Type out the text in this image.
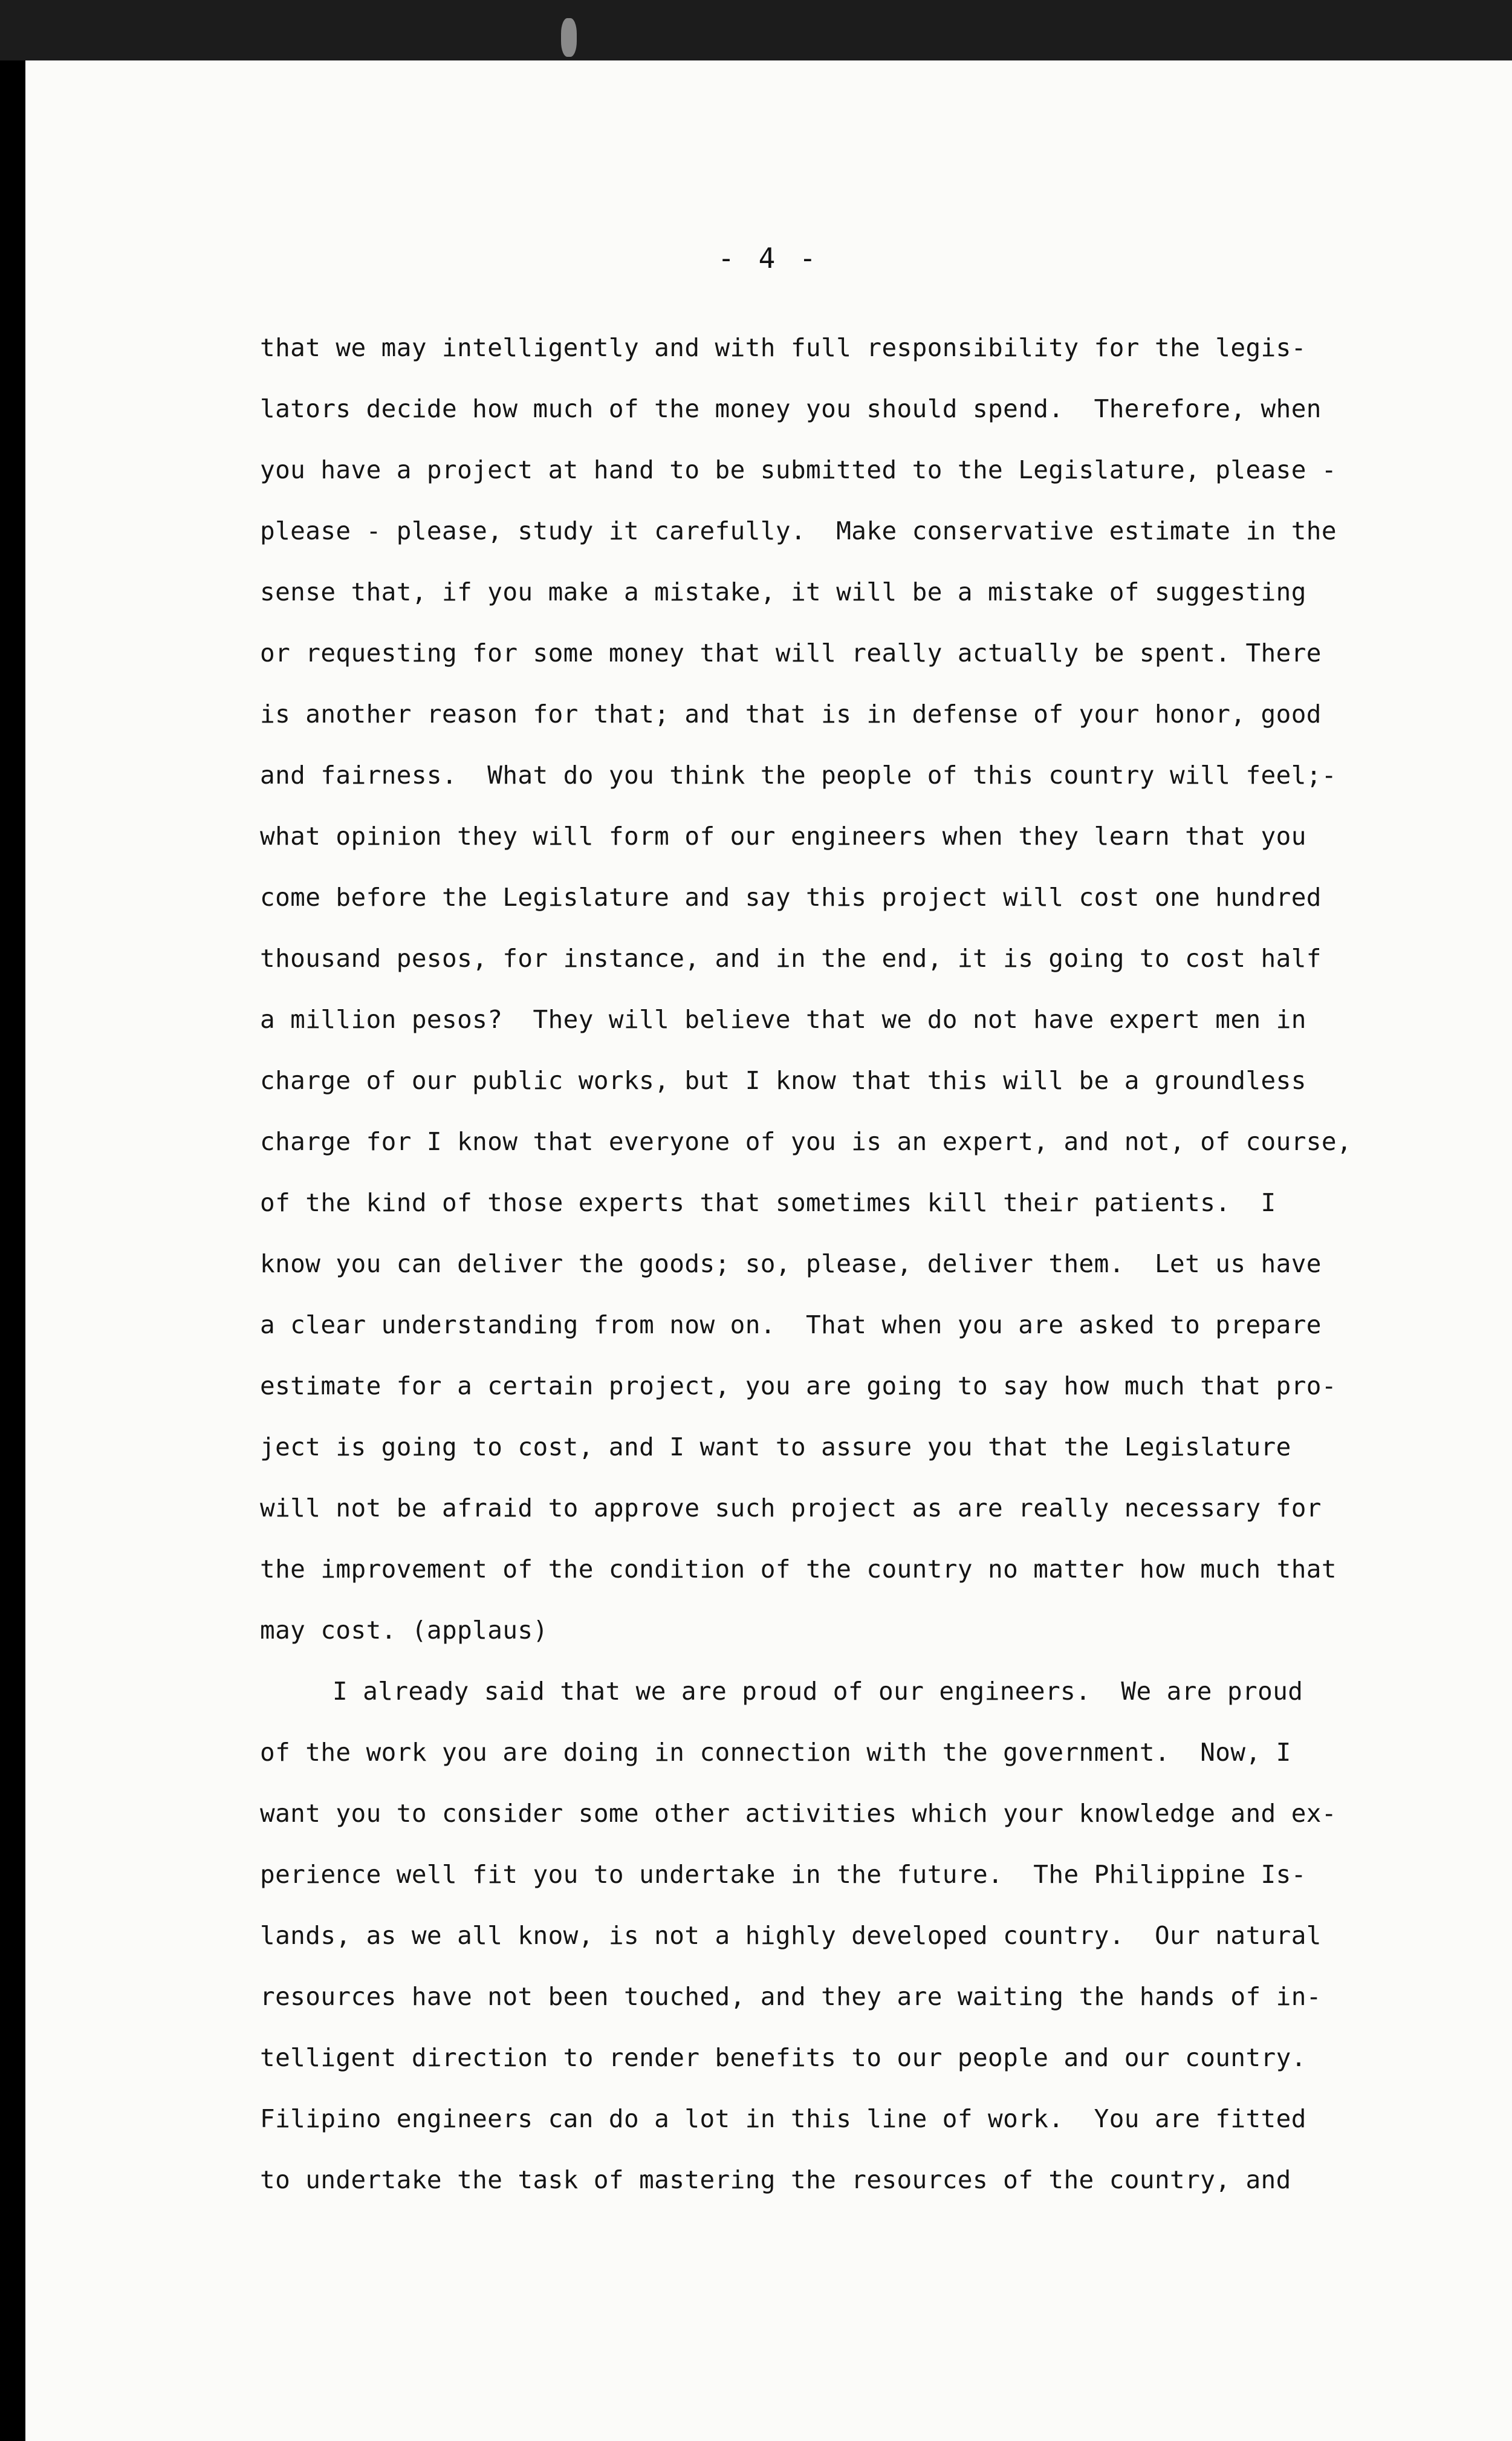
- 4 -
that we may intelligently and with full responsibility for the legis-
lators decide how much of the money you should spend.  Therefore, when
you have a project at hand to be submitted to the Legislature, please -
please - please, study it carefully.  Make conservative estimate in the
sense that, if you make a mistake, it will be a mistake of suggesting
or requesting for some money that will really actually be spent. There
is another reason for that; and that is in defense of your honor, good
and fairness.  What do you think the people of this country will feel;-
what opinion they will form of our engineers when they learn that you
come before the Legislature and say this project will cost one hundred
thousand pesos, for instance, and in the end, it is going to cost half
a million pesos?  They will believe that we do not have expert men in
charge of our public works, but I know that this will be a groundless
charge for I know that everyone of you is an expert, and not, of course,
of the kind of those experts that sometimes kill their patients.  I
know you can deliver the goods; so, please, deliver them.  Let us have
a clear understanding from now on.  That when you are asked to prepare
estimate for a certain project, you are going to say how much that pro-
ject is going to cost, and I want to assure you that the Legislature
will not be afraid to approve such project as are really necessary for
the improvement of the condition of the country no matter how much that
may cost. (applaus)
I already said that we are proud of our engineers.  We are proud
of the work you are doing in connection with the government.  Now, I
want you to consider some other activities which your knowledge and ex-
perience well fit you to undertake in the future.  The Philippine Is-
lands, as we all know, is not a highly developed country.  Our natural
resources have not been touched, and they are waiting the hands of in-
telligent direction to render benefits to our people and our country.
Filipino engineers can do a lot in this line of work.  You are fitted
to undertake the task of mastering the resources of the country, and
